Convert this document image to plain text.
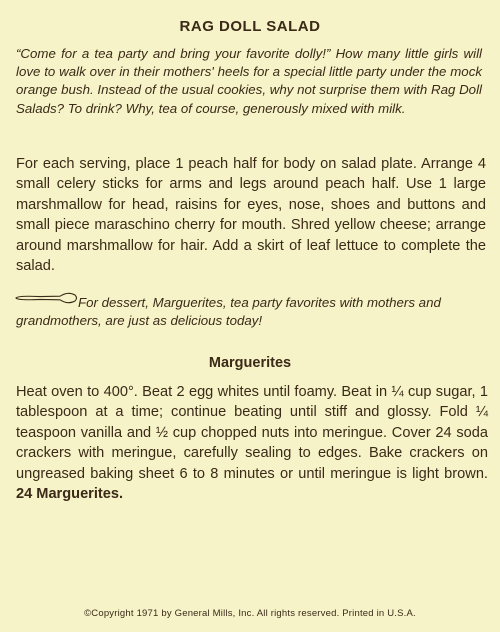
RAG DOLL SALAD
“Come for a tea party and bring your favorite dolly!” How many little girls will love to walk over in their mothers' heels for a special little party under the mock orange bush. Instead of the usual cookies, why not surprise them with Rag Doll Salads? To drink? Why, tea of course, generously mixed with milk.
For each serving, place 1 peach half for body on salad plate. Arrange 4 small celery sticks for arms and legs around peach half. Use 1 large marshmallow for head, raisins for eyes, nose, shoes and buttons and small piece maraschino cherry for mouth. Shred yellow cheese; arrange around marshmallow for hair. Add a skirt of leaf lettuce to complete the salad.
For dessert, Marguerites, tea party favorites with mothers and grandmothers, are just as delicious today!
Marguerites
Heat oven to 400°. Beat 2 egg whites until foamy. Beat in ¼ cup sugar, 1 tablespoon at a time; continue beating until stiff and glossy. Fold ¼ teaspoon vanilla and ½ cup chopped nuts into meringue. Cover 24 soda crackers with meringue, carefully sealing to edges. Bake crackers on ungreased baking sheet 6 to 8 minutes or until meringue is light brown. 24 Marguerites.
©Copyright 1971 by General Mills, Inc. All rights reserved. Printed in U.S.A.
